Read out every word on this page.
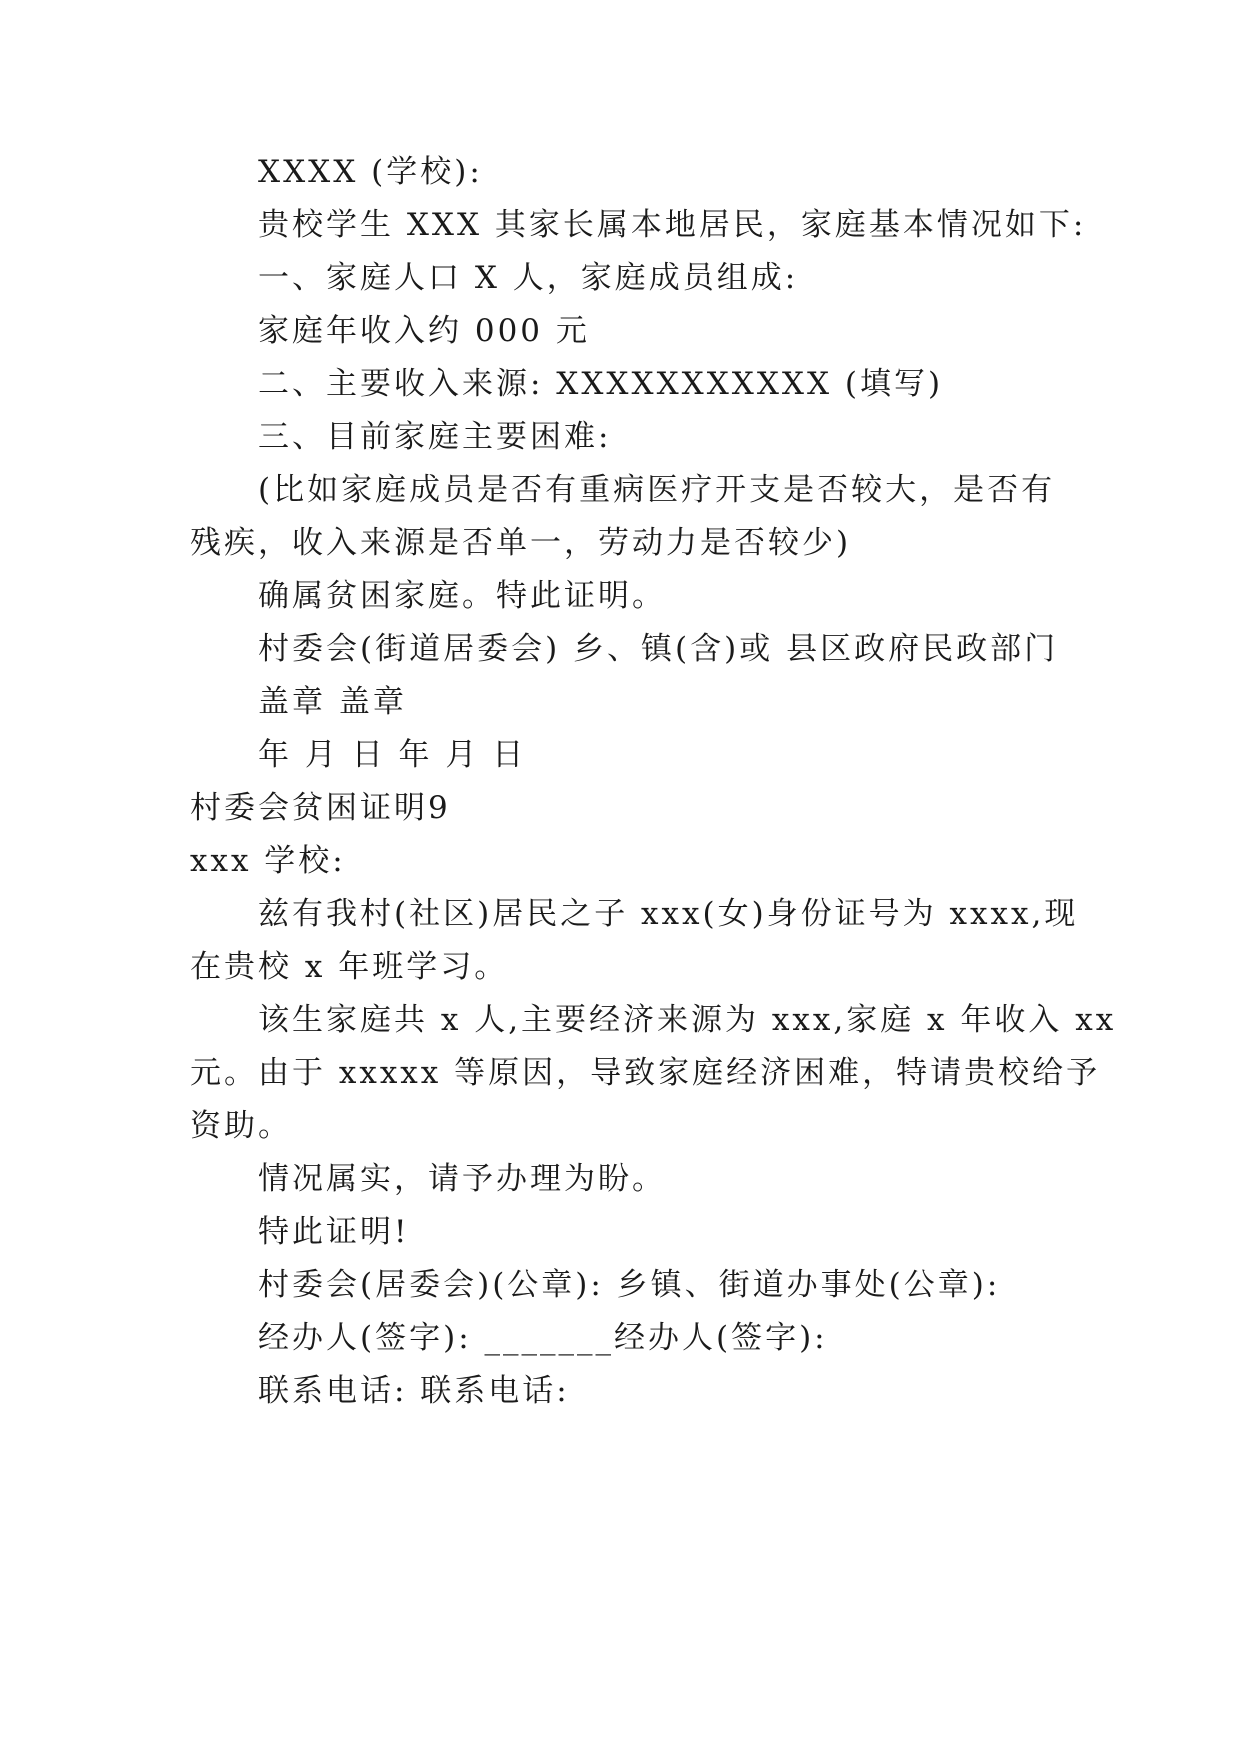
XXXX (学校):
贵校学生 XXX 其家长属本地居民，家庭基本情况如下:
一、家庭人口 X 人，家庭成员组成:
家庭年收入约 000 元
二、主要收入来源: XXXXXXXXXXX (填写)
三、目前家庭主要困难:
(比如家庭成员是否有重病医疗开支是否较大，是否有
残疾，收入来源是否单一，劳动力是否较少)
确属贫困家庭。特此证明。
村委会(街道居委会) 乡、镇(含)或 县区政府民政部门
盖章 盖章
年 月 日 年 月 日
村委会贫困证明9
xxx 学校:
兹有我村(社区)居民之子 xxx(女)身份证号为 xxxx,现
在贵校 x 年班学习。
该生家庭共 x 人,主要经济来源为 xxx,家庭 x 年收入 xx
元。由于 xxxxx 等原因，导致家庭经济困难，特请贵校给予
资助。
情况属实，请予办理为盼。
特此证明!
村委会(居委会)(公章): 乡镇、街道办事处(公章):
经办人(签字): _______经办人(签字):
联系电话: 联系电话:
